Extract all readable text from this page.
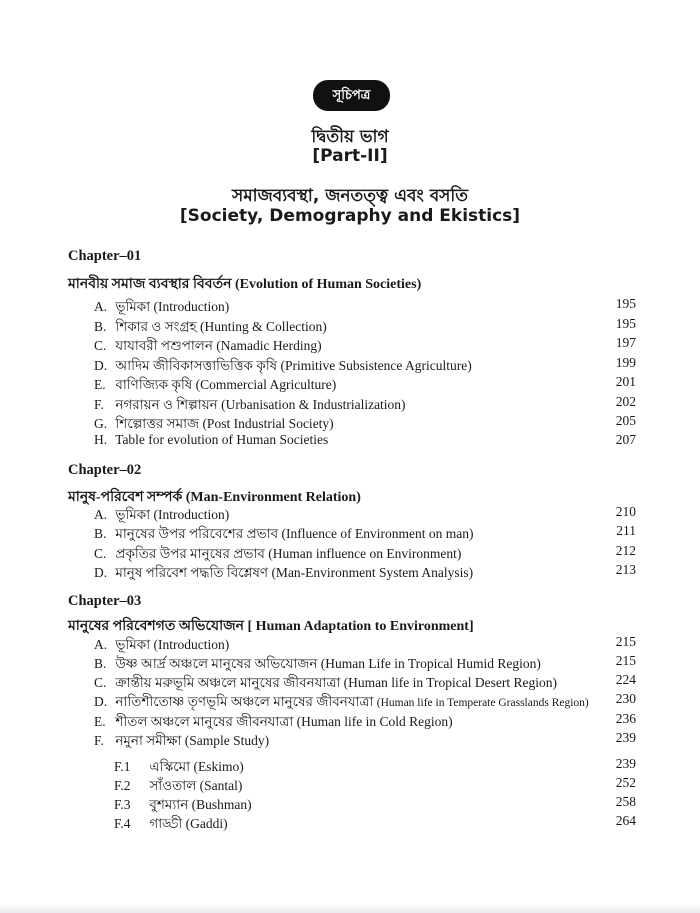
সূচিপত্র
দ্বিতীয় ভাগ
[Part-II]
সমাজব্যবস্থা, জনতত্ত্ব এবং বসতি
[Society, Demography and Ekistics]
Chapter–01
মানবীয় সমাজ ব্যবস্থার বিবর্তন (Evolution of Human Societies)
A. ভূমিকা (Introduction)	195
B. শিকার ও সংগ্রহ (Hunting & Collection)	195
C. যাযাবরী পশুপালন (Namadic Herding)	197
D. আদিম জীবিকাসত্তাভিত্তিক কৃষি (Primitive Subsistence Agriculture)	199
E. বাণিজ্যিক কৃষি (Commercial Agriculture)	201
F. নগরায়ন ও শিল্পায়ন (Urbanisation & Industrialization)	202
G. শিল্পোত্তর সমাজ (Post Industrial Society)	205
H. Table for evolution of Human Societies	207
Chapter–02
মানুষ-পরিবেশ সম্পর্ক (Man-Environment Relation)
A. ভূমিকা (Introduction)	210
B. মানুষের উপর পরিবেশের প্রভাব (Influence of Environment on man)	211
C. প্রকৃতির উপর মানুষের প্রভাব (Human influence on Environment)	212
D. মানুষ পরিবেশ পদ্ধতি বিশ্লেষণ (Man-Environment System Analysis)	213
Chapter–03
মানুষের পরিবেশগত অভিযোজন [ Human Adaptation to Environment]
A. ভূমিকা (Introduction)	215
B. উষ্ণ আর্দ্র অঞ্চলে মানুষের অভিযোজন (Human Life in Tropical Humid Region)	215
C. ক্রান্তীয় মরুভূমি অঞ্চলে মানুষের জীবনযাত্রা (Human life in Tropical Desert Region)	224
D. নাতিশীতোষ্ণ তৃণভূমি অঞ্চলে মানুষের জীবনযাত্রা (Human life in Temperate Grasslands Region) 230
E. শীতল অঞ্চলে মানুষের জীবনযাত্রা (Human life in Cold Region)	236
F. নমুনা সমীক্ষা (Sample Study)	239
F.1 এস্কিমো (Eskimo)	239
F.2 সাঁওতাল (Santal)	252
F.3 বুশম্যান (Bushman)	258
F.4 গাড্ডী (Gaddi)	264
